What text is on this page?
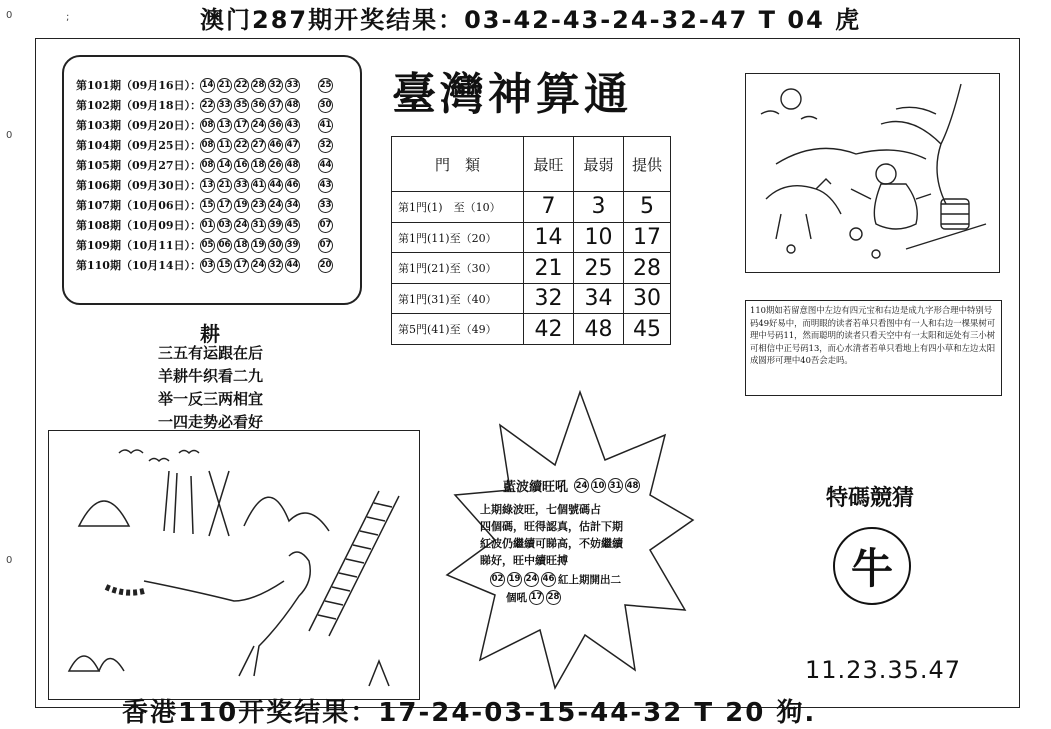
0	;
0
0
澳门287期开奖结果：03-42-43-24-32-47 T 04 虎
第101期（09月16日）： 14 21 22 28 32 33 25
第102期（09月18日）： 22 33 35 36 37 48 30
第103期（09月20日）： 08 13 17 24 36 43 41
第104期（09月25日）： 08 11 22 27 46 47 32
第105期（09月27日）： 08 14 16 18 26 48 44
第106期（09月30日）： 13 21 33 41 44 46 43
第107期（10月06日）： 15 17 19 23 24 34 33
第108期（10月09日）： 01 03 24 31 39 45 07
第109期（10月11日）： 05 06 18 19 30 39 07
第110期（10月14日）： 03 15 17 24 32 44 20
臺灣神算通
門　類	最旺	最弱	提供
第1門(1)　至（10）	7	3	5
第1門(11)至（20）	14	10	17
第1門(21)至（30）	21	25	28
第1門(31)至（40）	32	34	30
第5門(41)至（49）	42	48	45
耕
三五有运跟在后
羊耕牛织看二九
举一反三两相宜
一四走势必看好
110期如若留意图中左边有四元宝和右边是成九字形合理中特别号码49好易中，而明眼的读者若单只看图中有一人和右边一棵果树可理中号码11，然而聪明的读者只看天空中有一太阳和远处有三小树可相信中正号码13，而心水清者若单只看地上有四小草和左边太阳成圆形可理中40吾会走吗。
藍波續旺吼 24 10 31 48
上期綠波旺，七個號碼占
四個碼，旺得認真，估計下期
紅波仍繼續可睇高，不妨繼續
睇好，旺中續旺搏
02 19 24 46 紅上期開出二
個吼 17 28
特碼競猜
牛
11.23.35.47
香港110开奖结果：17-24-03-15-44-32 T 20 狗.
